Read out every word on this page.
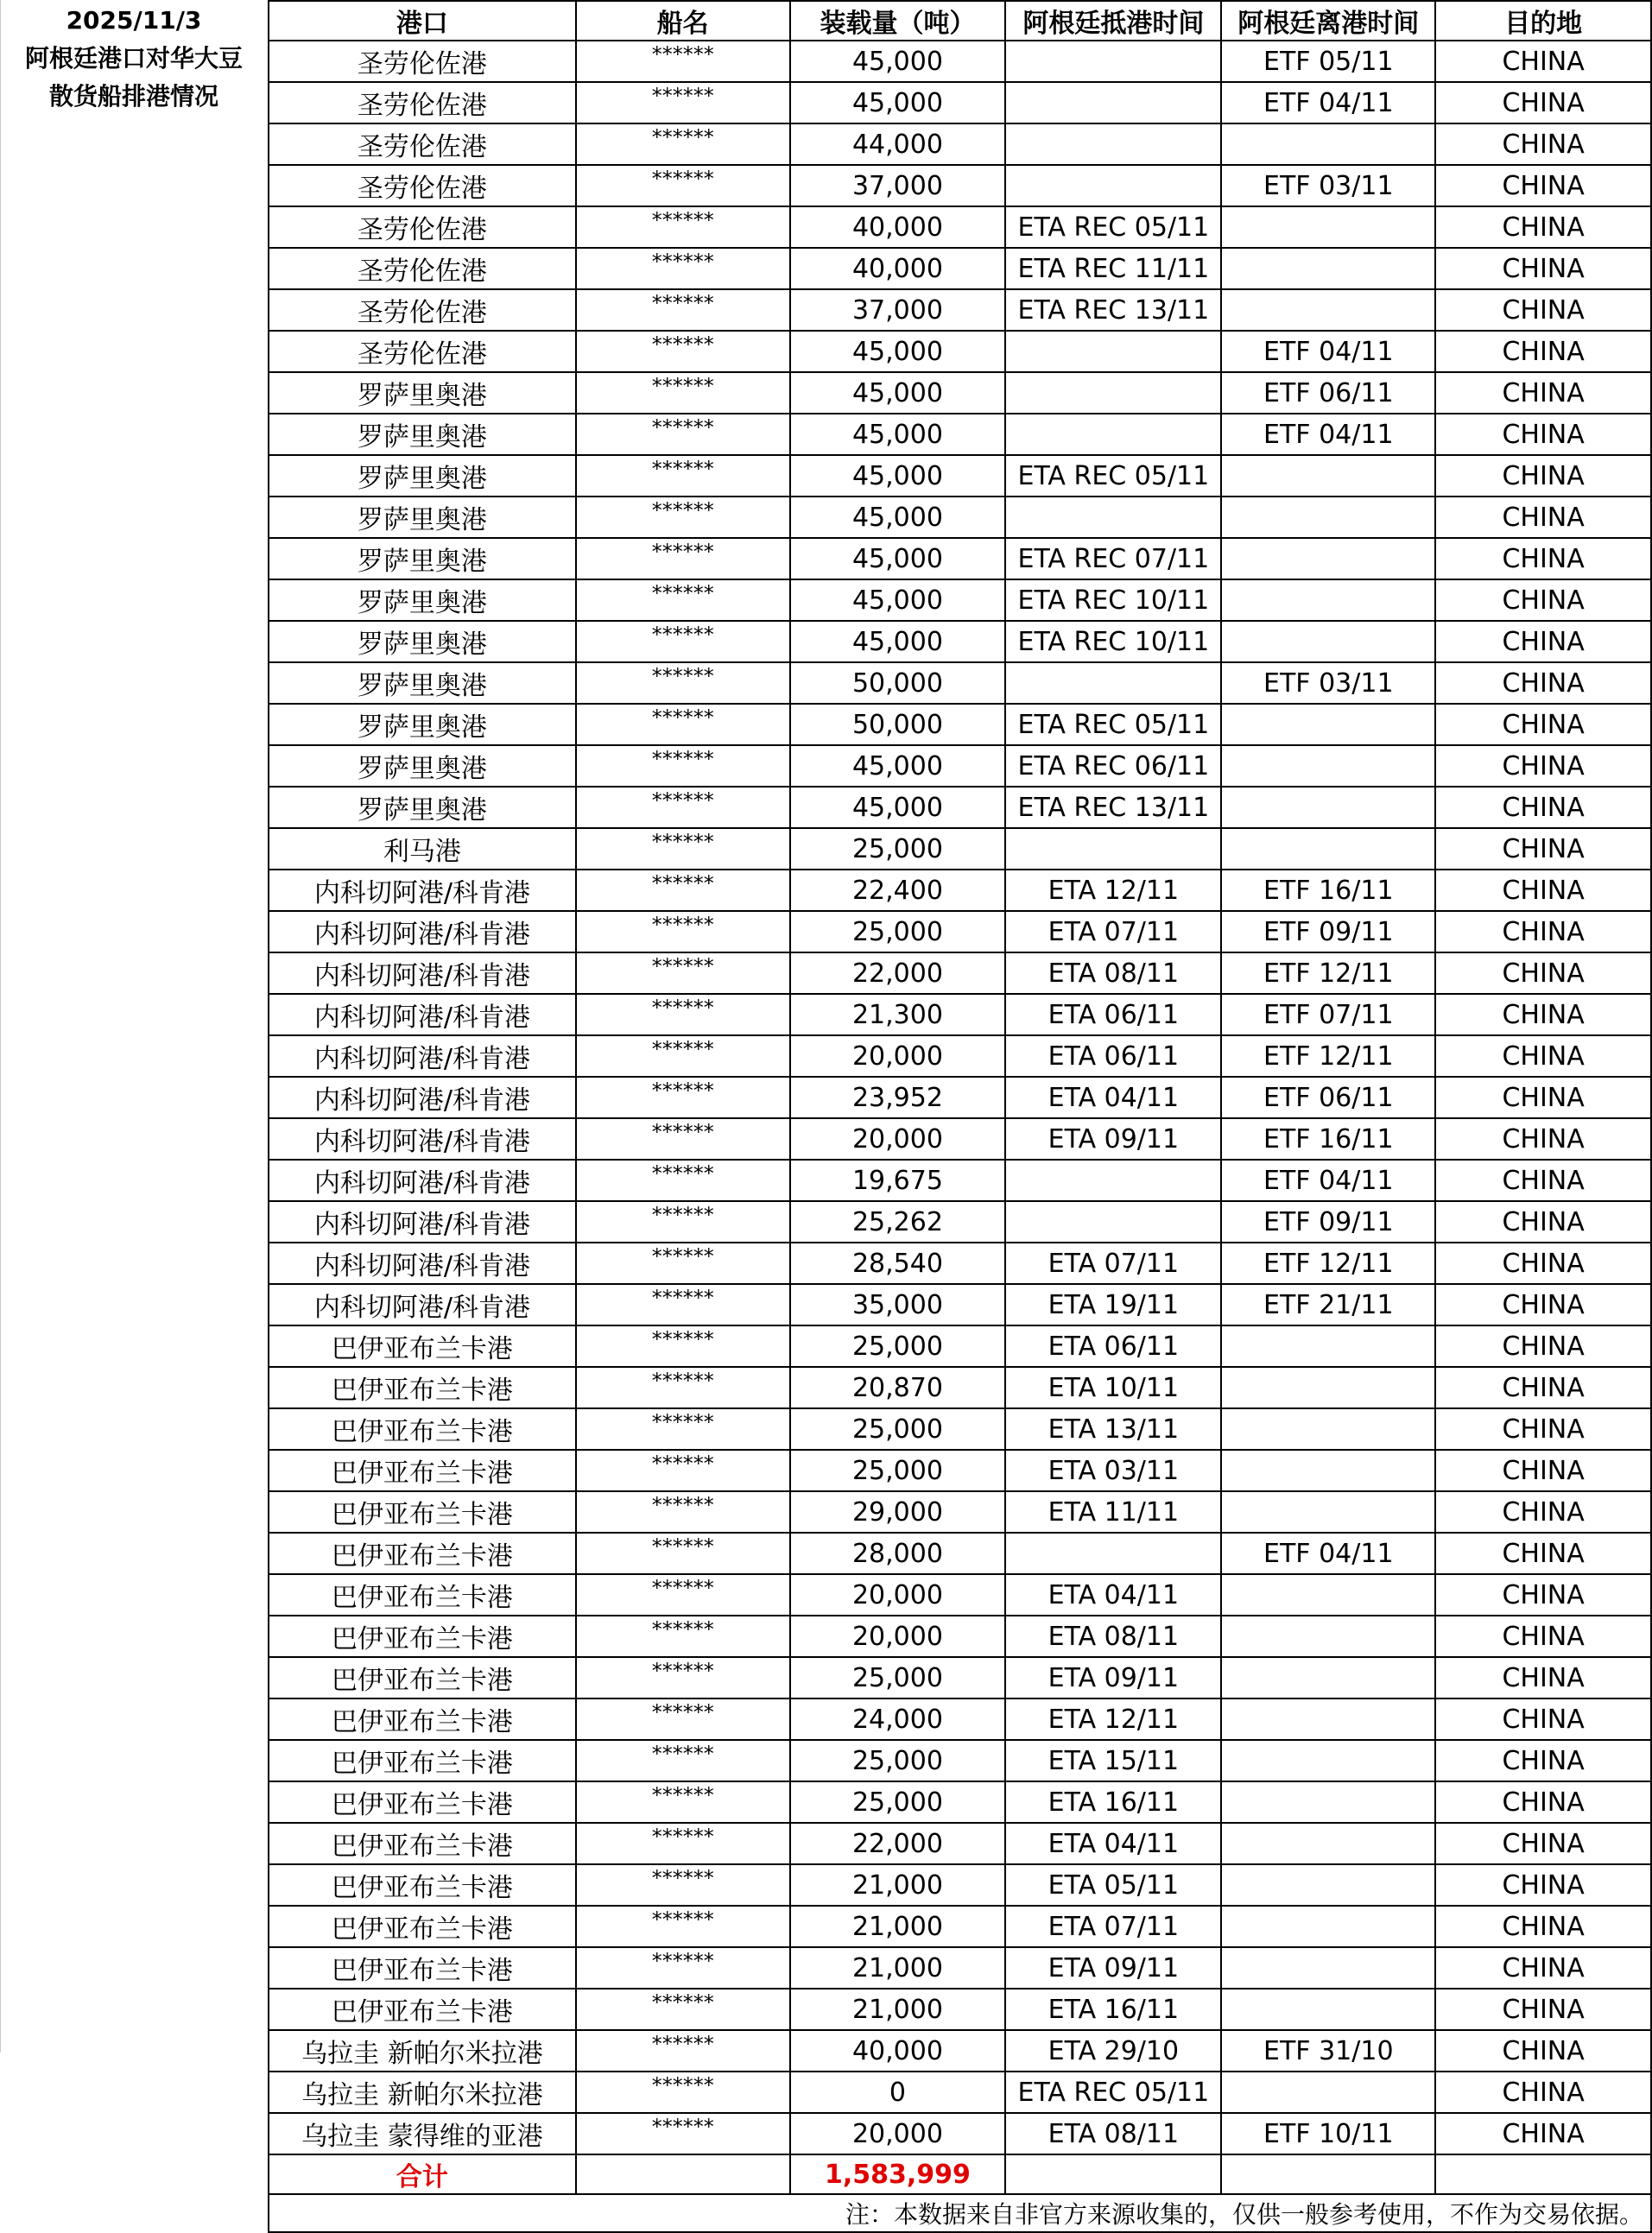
2025/11/3
阿根廷港口对华大豆
散货船排港情况
港口	船名	装载量（吨）	阿根廷抵港时间	阿根廷离港时间	目的地
圣劳伦佐港	******	45,000		ETF 05/11	CHINA
圣劳伦佐港	******	45,000		ETF 04/11	CHINA
圣劳伦佐港	******	44,000			CHINA
圣劳伦佐港	******	37,000		ETF 03/11	CHINA
圣劳伦佐港	******	40,000	ETA REC 05/11		CHINA
圣劳伦佐港	******	40,000	ETA REC 11/11		CHINA
圣劳伦佐港	******	37,000	ETA REC 13/11		CHINA
圣劳伦佐港	******	45,000		ETF 04/11	CHINA
罗萨里奥港	******	45,000		ETF 06/11	CHINA
罗萨里奥港	******	45,000		ETF 04/11	CHINA
罗萨里奥港	******	45,000	ETA REC 05/11		CHINA
罗萨里奥港	******	45,000			CHINA
罗萨里奥港	******	45,000	ETA REC 07/11		CHINA
罗萨里奥港	******	45,000	ETA REC 10/11		CHINA
罗萨里奥港	******	45,000	ETA REC 10/11		CHINA
罗萨里奥港	******	50,000		ETF 03/11	CHINA
罗萨里奥港	******	50,000	ETA REC 05/11		CHINA
罗萨里奥港	******	45,000	ETA REC 06/11		CHINA
罗萨里奥港	******	45,000	ETA REC 13/11		CHINA
利马港	******	25,000			CHINA
内科切阿港/科肯港	******	22,400	ETA 12/11	ETF 16/11	CHINA
内科切阿港/科肯港	******	25,000	ETA 07/11	ETF 09/11	CHINA
内科切阿港/科肯港	******	22,000	ETA 08/11	ETF 12/11	CHINA
内科切阿港/科肯港	******	21,300	ETA 06/11	ETF 07/11	CHINA
内科切阿港/科肯港	******	20,000	ETA 06/11	ETF 12/11	CHINA
内科切阿港/科肯港	******	23,952	ETA 04/11	ETF 06/11	CHINA
内科切阿港/科肯港	******	20,000	ETA 09/11	ETF 16/11	CHINA
内科切阿港/科肯港	******	19,675		ETF 04/11	CHINA
内科切阿港/科肯港	******	25,262		ETF 09/11	CHINA
内科切阿港/科肯港	******	28,540	ETA 07/11	ETF 12/11	CHINA
内科切阿港/科肯港	******	35,000	ETA 19/11	ETF 21/11	CHINA
巴伊亚布兰卡港	******	25,000	ETA 06/11		CHINA
巴伊亚布兰卡港	******	20,870	ETA 10/11		CHINA
巴伊亚布兰卡港	******	25,000	ETA 13/11		CHINA
巴伊亚布兰卡港	******	25,000	ETA 03/11		CHINA
巴伊亚布兰卡港	******	29,000	ETA 11/11		CHINA
巴伊亚布兰卡港	******	28,000		ETF 04/11	CHINA
巴伊亚布兰卡港	******	20,000	ETA 04/11		CHINA
巴伊亚布兰卡港	******	20,000	ETA 08/11		CHINA
巴伊亚布兰卡港	******	25,000	ETA 09/11		CHINA
巴伊亚布兰卡港	******	24,000	ETA 12/11		CHINA
巴伊亚布兰卡港	******	25,000	ETA 15/11		CHINA
巴伊亚布兰卡港	******	25,000	ETA 16/11		CHINA
巴伊亚布兰卡港	******	22,000	ETA 04/11		CHINA
巴伊亚布兰卡港	******	21,000	ETA 05/11		CHINA
巴伊亚布兰卡港	******	21,000	ETA 07/11		CHINA
巴伊亚布兰卡港	******	21,000	ETA 09/11		CHINA
巴伊亚布兰卡港	******	21,000	ETA 16/11		CHINA
乌拉圭 新帕尔米拉港	******	40,000	ETA 29/10	ETF 31/10	CHINA
乌拉圭 新帕尔米拉港	******	0	ETA REC 05/11		CHINA
乌拉圭 蒙得维的亚港	******	20,000	ETA 08/11	ETF 10/11	CHINA
合计		1,583,999			
注：本数据来自非官方来源收集的，仅供一般参考使用，不作为交易依据。					
